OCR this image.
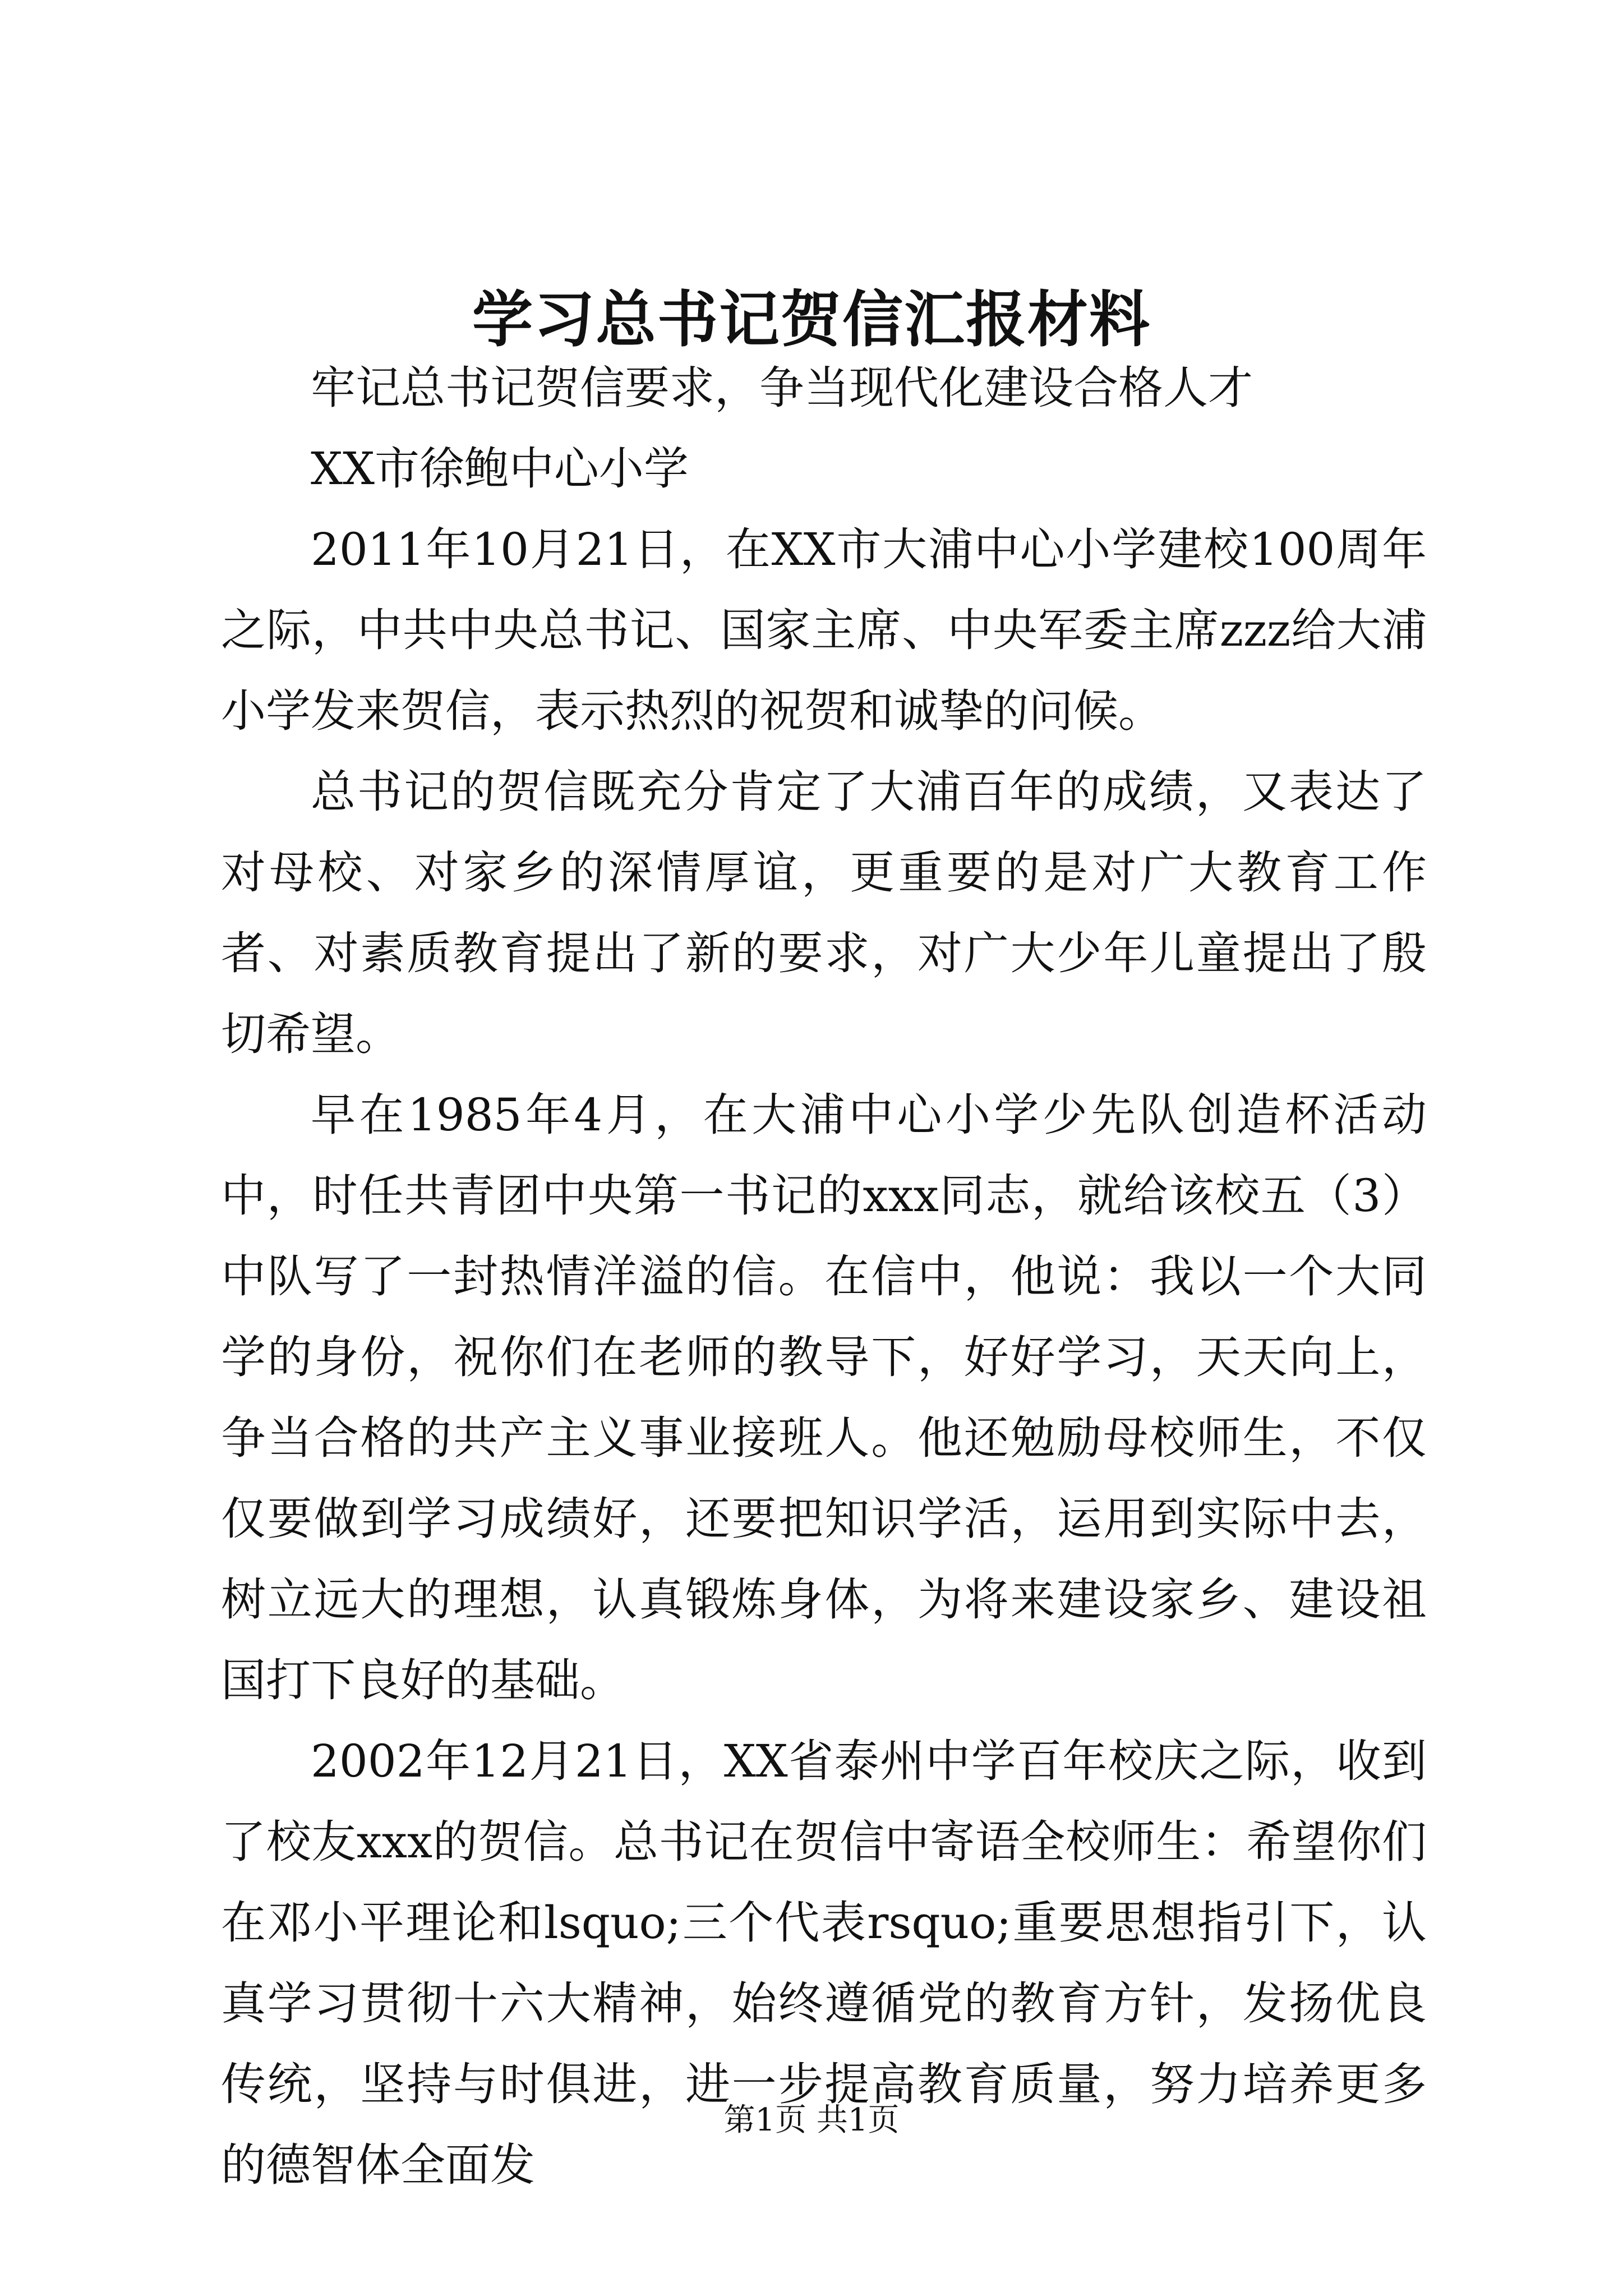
学习总书记贺信汇报材料

牢记总书记贺信要求，争当现代化建设合格人才

XX市徐鲍中心小学

2011年10月21日，在XX市大浦中心小学建校100周年之际，中共中央总书记、国家主席、中央军委主席zzz给大浦小学发来贺信，表示热烈的祝贺和诚挚的问候。

总书记的贺信既充分肯定了大浦百年的成绩，又表达了对母校、对家乡的深情厚谊，更重要的是对广大教育工作者、对素质教育提出了新的要求，对广大少年儿童提出了殷切希望。

早在1985年4月，在大浦中心小学少先队创造杯活动中，时任共青团中央第一书记的xxx同志，就给该校五（3）中队写了一封热情洋溢的信。在信中，他说：我以一个大同学的身份，祝你们在老师的教导下，好好学习，天天向上，争当合格的共产主义事业接班人。他还勉励母校师生，不仅仅要做到学习成绩好，还要把知识学活，运用到实际中去，树立远大的理想，认真锻炼身体，为将来建设家乡、建设祖国打下良好的基础。

2002年12月21日，XX省泰州中学百年校庆之际，收到了校友xxx的贺信。总书记在贺信中寄语全校师生：希望你们在邓小平理论和lsquo;三个代表rsquo;重要思想指引下，认真学习贯彻十六大精神，始终遵循党的教育方针，发扬优良传统，坚持与时俱进，进一步提高教育质量，努力培养更多的德智体全面发

第1页 共1页
